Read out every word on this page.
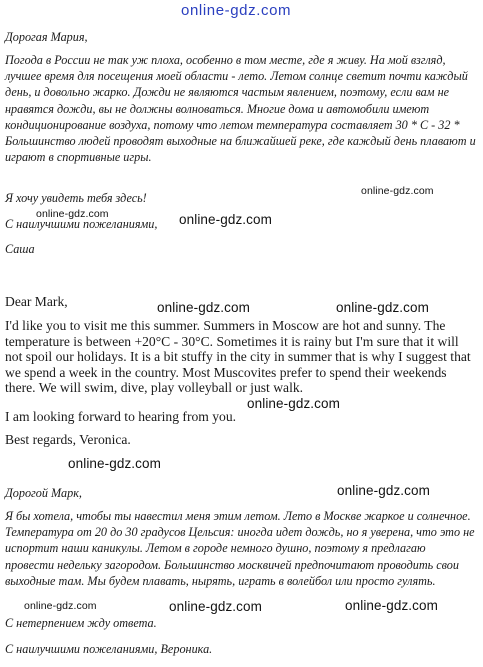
online-gdz.com

Дорогая Мария,

Погода в России не так уж плоха, особенно в том месте, где я живу. На мой взгляд, лучшее время для посещения моей области - лето. Летом солнце светит почти каждый день, и довольно жарко. Дожди не являются частым явлением, поэтому, если вам не нравятся дожди, вы не должны волноваться. Многие дома и автомобили имеют кондиционирование воздуха, потому что летом температура составляет 30 * С - 32 * Большинство людей проводят выходные на ближайшей реке, где каждый день плавают и играют в спортивные игры.

Я хочу увидеть тебя здесь!

С наилучшими пожеланиями,

Саша

Dear Mark,

I'd like you to visit me this summer. Summers in Moscow are hot and sunny. The temperature is between +20°C - 30°C. Sometimes it is rainy but I'm sure that it will not spoil our holidays. It is a bit stuffy in the city in summer that is why I suggest that we spend a week in the country. Most Muscovites prefer to spend their weekends there. We will swim, dive, play volleyball or just walk.

I am looking forward to hearing from you.

Best regards, Veronica.

Дорогой Марк,

Я бы хотела, чтобы ты навестил меня этим летом. Лето в Москве жаркое и солнечное. Температура от 20 до 30 градусов Цельсия: иногда идет дождь, но я уверена, что это не испортит наши каникулы. Летом в городе немного душно, поэтому я предлагаю провести недельку загородом. Большинство москвичей предпочитают проводить свои выходные там. Мы будем плавать, нырять, играть в волейбол или просто гулять.

С нетерпением жду ответа.

С наилучшими пожеланиями, Вероника.

online-gdz.com
online-gdz.com	online-gdz.com
online-gdz.com	online-gdz.com
online-gdz.com
online-gdz.com
online-gdz.com
online-gdz.com	online-gdz.com	online-gdz.com
